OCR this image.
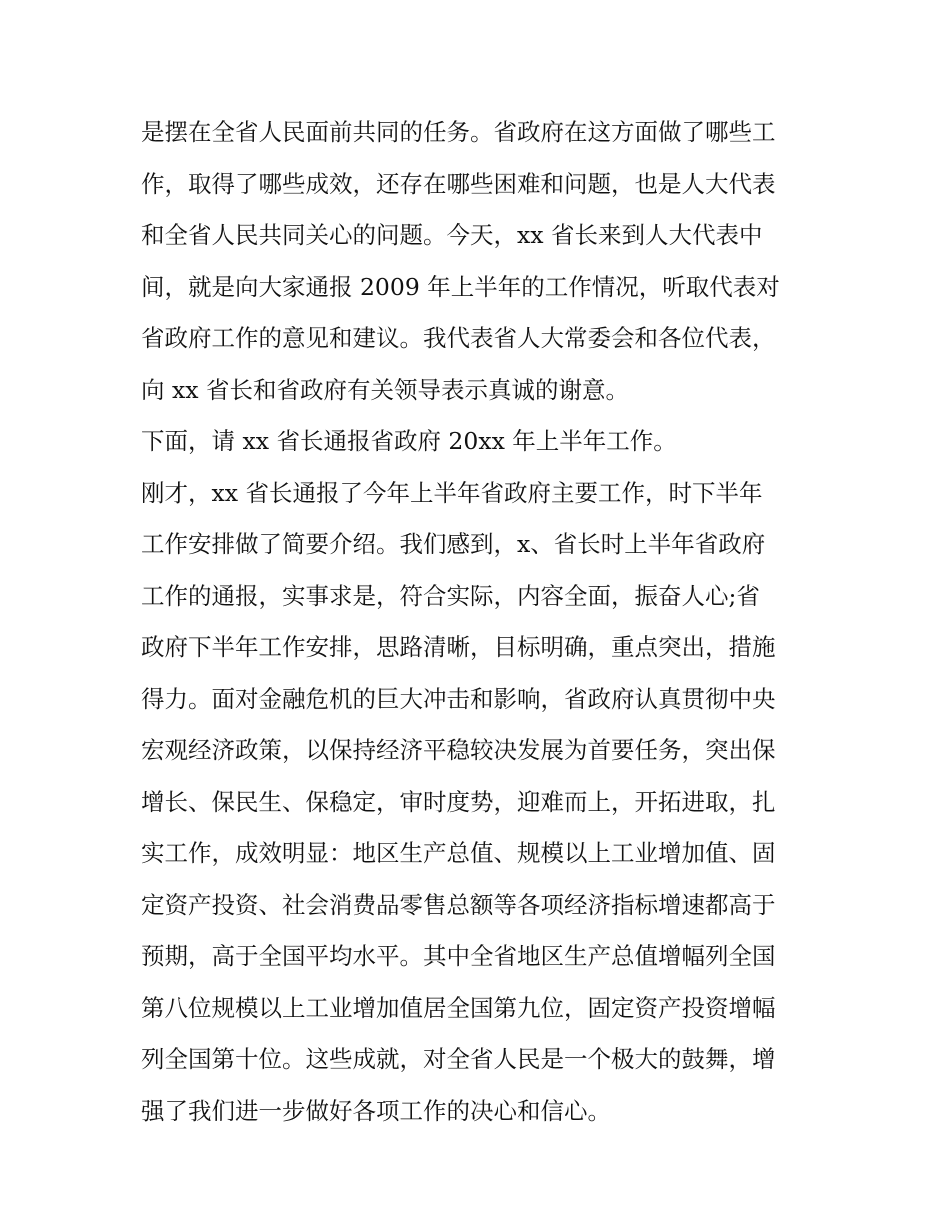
是摆在全省人民面前共同的任务。省政府在这方面做了哪些工
作，取得了哪些成效，还存在哪些困难和问题，也是人大代表
和全省人民共同关心的问题。今天，xx 省长来到人大代表中
间，就是向大家通报 2009 年上半年的工作情况，听取代表对
省政府工作的意见和建议。我代表省人大常委会和各位代表，
向 xx 省长和省政府有关领导表示真诚的谢意。
下面，请 xx 省长通报省政府 20xx 年上半年工作。
刚才，xx 省长通报了今年上半年省政府主要工作，时下半年
工作安排做了简要介绍。我们感到，x、省长时上半年省政府
工作的通报，实事求是，符合实际，内容全面，振奋人心;省
政府下半年工作安排，思路清晰，目标明确，重点突出，措施
得力。面对金融危机的巨大冲击和影响，省政府认真贯彻中央
宏观经济政策，以保持经济平稳较决发展为首要任务，突出保
增长、保民生、保稳定，审时度势，迎难而上，开拓进取，扎
实工作，成效明显：地区生产总值、规模以上工业增加值、固
定资产投资、社会消费品零售总额等各项经济指标增速都高于
预期，高于全国平均水平。其中全省地区生产总值增幅列全国
第八位规模以上工业增加值居全国第九位，固定资产投资增幅
列全国第十位。这些成就，对全省人民是一个极大的鼓舞，增
强了我们进一步做好各项工作的决心和信心。
